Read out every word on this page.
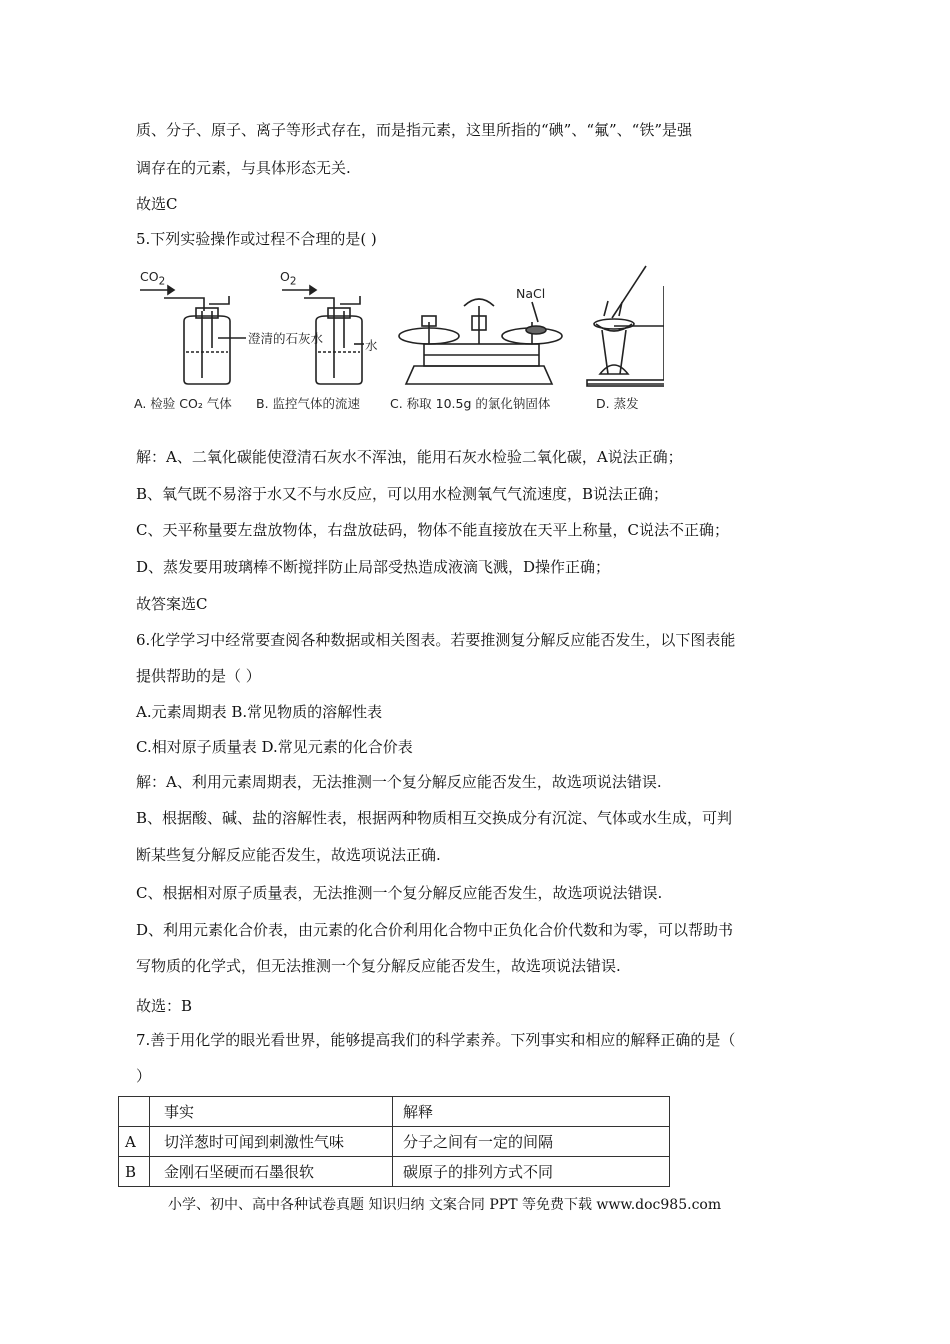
质、分子、原子、离子等形式存在，而是指元素，这里所指的“碘”、“氟”、“铁”是强
调存在的元素，与具体形态无关.
故选C
5.下列实验操作或过程不合理的是( )
$CO_2$	$O_2$
澄清的石灰水	水
NaCl
A. 检验 CO₂ 气体 B. 监控气体的流速 C. 称取 10.5g 的氯化钠固体	D. 蒸发
解：A、二氧化碳能使澄清石灰水不浑浊，能用石灰水检验二氧化碳，A说法正确；
B、氧气既不易溶于水又不与水反应，可以用水检测氧气气流速度，B说法正确；
C、天平称量要左盘放物体，右盘放砝码，物体不能直接放在天平上称量，C说法不正确；
D、蒸发要用玻璃棒不断搅拌防止局部受热造成液滴飞溅，D操作正确；
故答案选C
6.化学学习中经常要查阅各种数据或相关图表。若要推测复分解反应能否发生，以下图表能
提供帮助的是（ ）
A.元素周期表 B.常见物质的溶解性表
C.相对原子质量表 D.常见元素的化合价表
解：A、利用元素周期表，无法推测一个复分解反应能否发生，故选项说法错误.
B、根据酸、碱、盐的溶解性表，根据两种物质相互交换成分有沉淀、气体或水生成，可判
断某些复分解反应能否发生，故选项说法正确.
C、根据相对原子质量表，无法推测一个复分解反应能否发生，故选项说法错误.
D、利用元素化合价表，由元素的化合价利用化合物中正负化合价代数和为零，可以帮助书
写物质的化学式，但无法推测一个复分解反应能否发生，故选项说法错误.
故选：B
7.善于用化学的眼光看世界，能够提高我们的科学素养。下列事实和相应的解释正确的是（
）
	事实	解释
A	切洋葱时可闻到刺激性气味	分子之间有一定的间隔
B	金刚石坚硬而石墨很软	碳原子的排列方式不同
小学、初中、高中各种试卷真题 知识归纳 文案合同 PPT 等免费下载 www.doc985.com
